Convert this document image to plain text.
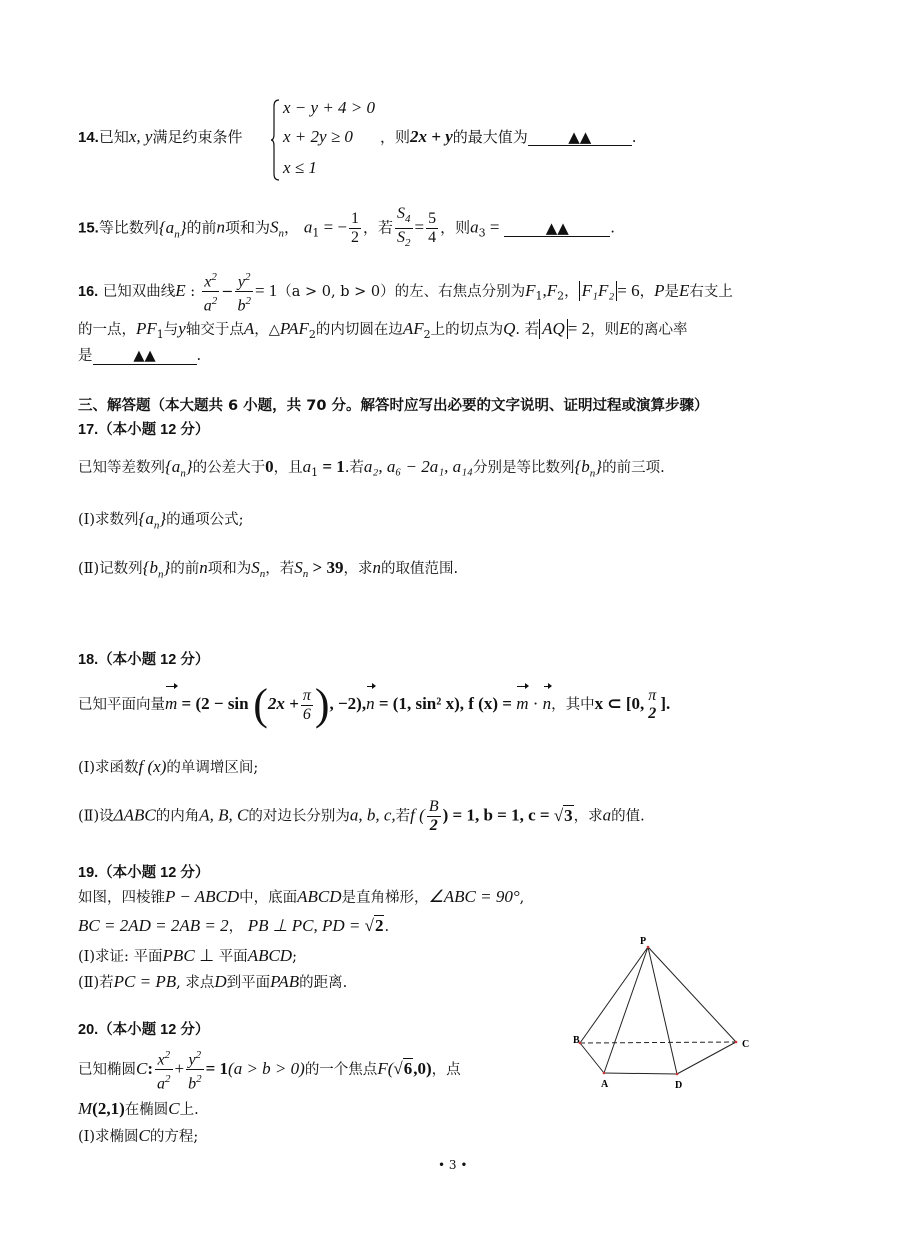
14.已知x, y满足约束条件
x − y + 4 > 0
x + 2y ≥ 0
x ≤ 1
，则2x + y的最大值为	▲▲	.
15.等比数列$\{a_n\}$的前n项和为$S_n$， $a_1$ = − $\frac{1}{2}$ ，若 $\frac{S_4}{S_2} = \frac{5}{4}$ ，则$a_3$ =	▲▲	.
16. 已知双曲线E : $\frac{x^2}{a^2} - \frac{y^2}{b^2} = 1(a > 0$, b > 0）的左、右焦点分别为$F_1,F_2$， F₁F₂ = 6，P是E右支上
的一点，$PF_1$与y轴交于点A，$\triangle PAF_2$的内切圆在边$AF_2$上的切点为Q. 若 AQ = 2，则E的离心率
是	▲▲	.
三、解答题（本大题共 6 小题，共 70 分。解答时应写出必要的文字说明、证明过程或演算步骤）
17.（本小题 12 分）
已知等差数列$\{a_n\}$的公差大于0，且$a_1 = 1$.若a₂, a₆ − 2a₁, a₁₄分别是等比数列$\{b_n\}$的前三项.
(Ⅰ)求数列$\{a_n\}$的通项公式;
(Ⅱ)记数列$\{b_n\}$的前n项和为$S_n$，若$S_n > 39$，求n的取值范围.
18.（本小题 12 分）
已知平面向量$m = (2 - \sin (2x + \frac{\pi}{6}$ ), −2),n = (1, sin² x), f (x) = m · n，其中x ⊂ [0, π
2
].
(Ⅰ)求函数f (x)的单调增区间;
(Ⅱ)设ΔABC的内角A, B, C的对边长分别为a, b, c,若f ( $\frac{B}{2}$ ) = 1, b = 1, c = √3，求a的值.
19.（本小题 12 分）
如图，四棱锥P − ABCD中，底面ABCD是直角梯形，∠ABC = 90°,
BC = 2AD = 2AB = 2， PB ⊥ PC, PD = √2.
(Ⅰ)求证: 平面PBC ⊥ 平面ABCD;
(Ⅱ)若PC = PB, 求点D到平面PAB的距离.
P
B	C
A	D
20.（本小题 12 分）
已知椭圆C: $\frac{x^2}{a^2} + \frac{y^2}{b^2} = 1(a > b > 0)$的一个焦点F(√6,0)，点
M(2,1)在椭圆C上.
(Ⅰ)求椭圆C的方程;
• 3 •
